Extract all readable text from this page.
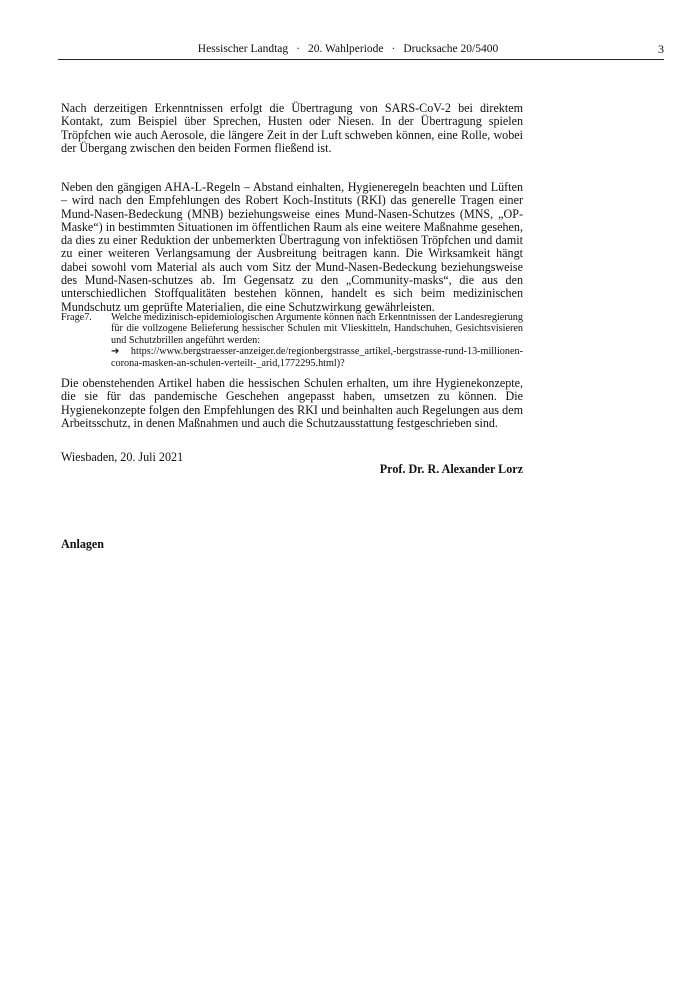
Hessischer Landtag · 20. Wahlperiode · Drucksache 20/5400	3

Nach derzeitigen Erkenntnissen erfolgt die Übertragung von SARS-CoV-2 bei direktem Kontakt, zum Beispiel über Sprechen, Husten oder Niesen. In der Übertragung spielen Tröpfchen wie auch Aerosole, die längere Zeit in der Luft schweben können, eine Rolle, wobei der Übergang zwischen den beiden Formen fließend ist.

Neben den gängigen AHA-L-Regeln – Abstand einhalten, Hygieneregeln beachten und Lüften – wird nach den Empfehlungen des Robert Koch-Instituts (RKI) das generelle Tragen einer Mund-Nasen-Bedeckung (MNB) beziehungsweise eines Mund-Nasen-Schutzes (MNS, „OP-Maske“) in bestimmten Situationen im öffentlichen Raum als eine weitere Maßnahme gesehen, da dies zu einer Reduktion der unbemerkten Übertragung von infektiösen Tröpfchen und damit zu einer weiteren Verlangsamung der Ausbreitung beitragen kann. Die Wirksamkeit hängt dabei sowohl vom Material als auch vom Sitz der Mund-Nasen-Bedeckung beziehungsweise des Mund-Nasen-schutzes ab. Im Gegensatz zu den „Community-masks“, die aus den unterschiedlichen Stoffqualitäten bestehen können, handelt es sich beim medizinischen Mundschutz um geprüfte Materialien, die eine Schutzwirkung gewährleisten.

Frage7. Welche medizinisch-epidemiologischen Argumente können nach Erkenntnissen der Landesregierung für die vollzogene Belieferung hessischer Schulen mit Vlieskitteln, Handschuhen, Gesichtsvisieren und Schutzbrillen angeführt werden:
➔ https://www.bergstraesser-anzeiger.de/regionbergstrasse_artikel,-bergstrasse-rund-13-millionen-corona-masken-an-schulen-verteilt-_arid,1772295.html)?

Die obenstehenden Artikel haben die hessischen Schulen erhalten, um ihre Hygienekonzepte, die sie für das pandemische Geschehen angepasst haben, umsetzen zu können. Die Hygienekonzepte folgen den Empfehlungen des RKI und beinhalten auch Regelungen aus dem Arbeitsschutz, in denen Maßnahmen und auch die Schutzausstattung festgeschrieben sind.

Wiesbaden, 20. Juli 2021
Prof. Dr. R. Alexander Lorz
Anlagen
